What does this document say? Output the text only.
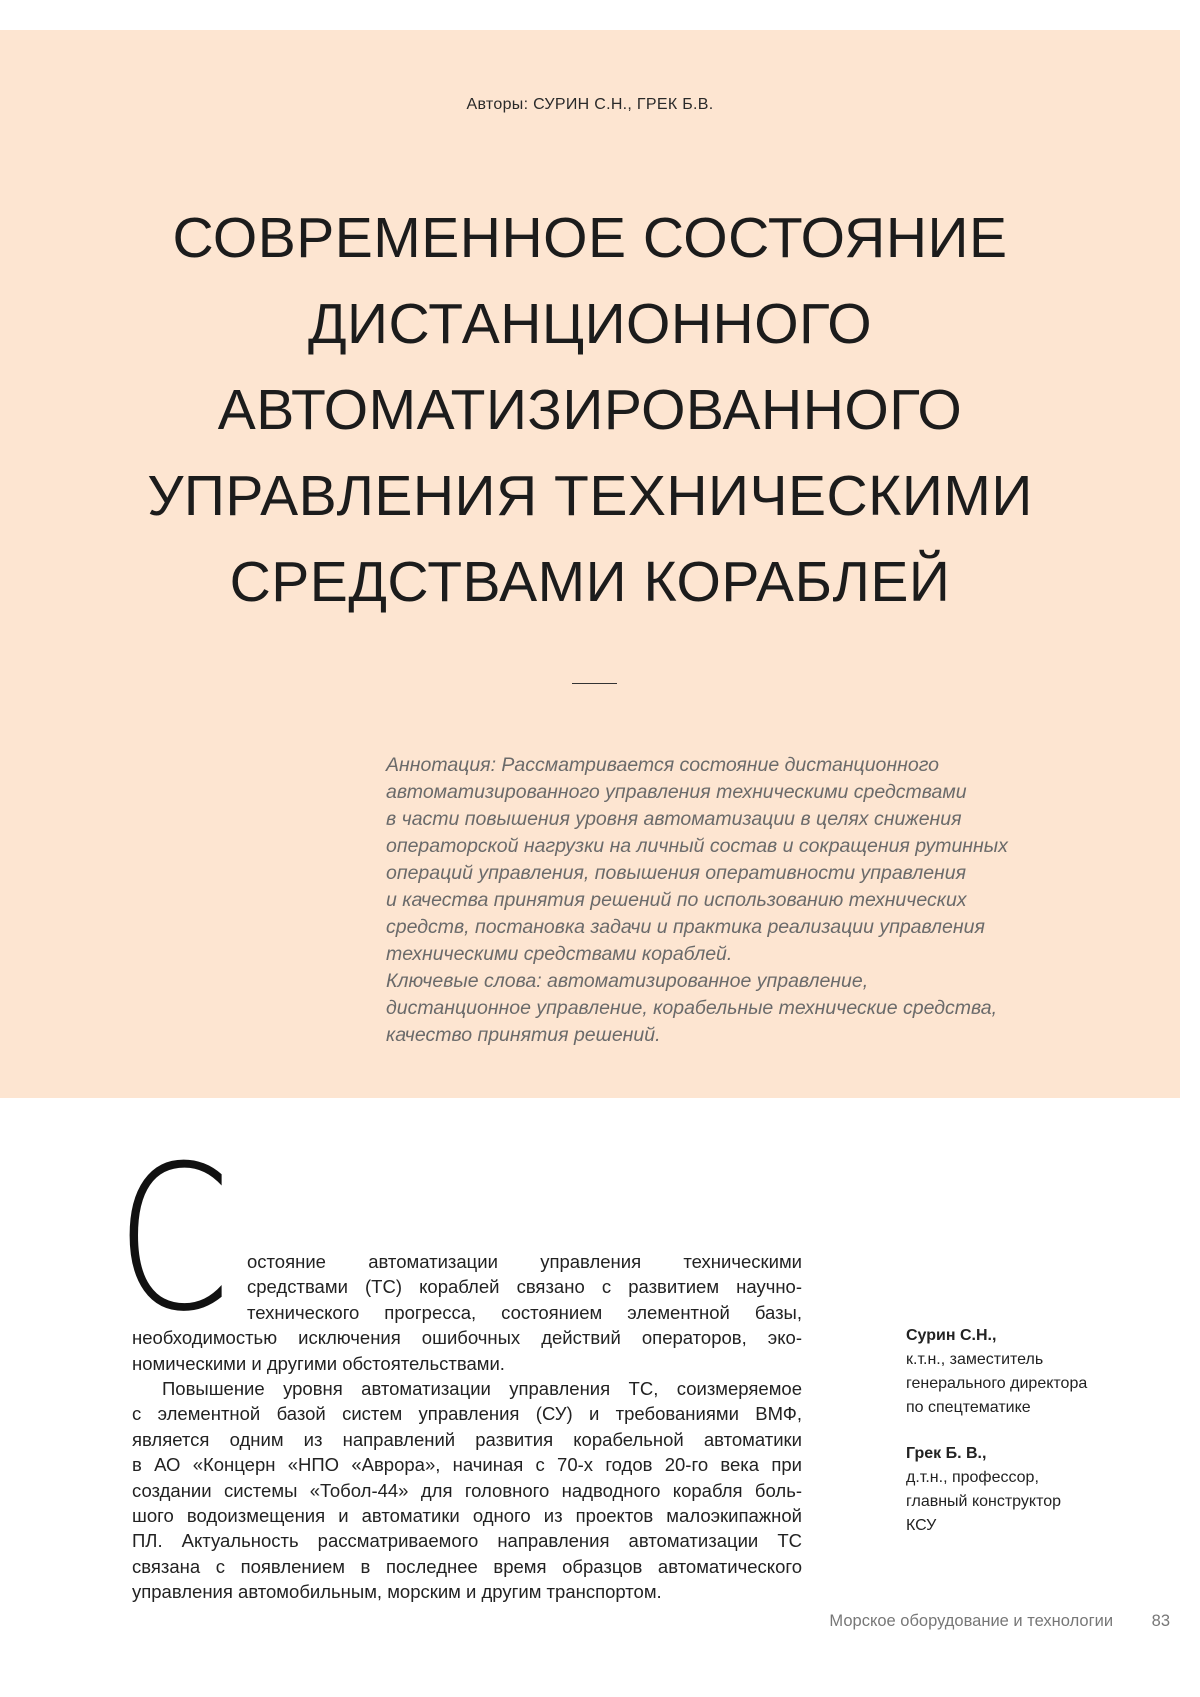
Авторы: СУРИН С.Н., ГРЕК Б.В.
СОВРЕМЕННОЕ СОСТОЯНИЕ
ДИСТАНЦИОННОГО
АВТОМАТИЗИРОВАННОГО
УПРАВЛЕНИЯ ТЕХНИЧЕСКИМИ
СРЕДСТВАМИ КОРАБЛЕЙ
Аннотация: Рассматривается состояние дистанционного
автоматизированного управления техническими средствами
в части повышения уровня автоматизации в целях снижения
операторской нагрузки на личный состав и сокращения рутинных
операций управления, повышения оперативности управления
и качества принятия решений по использованию технических
средств, постановка задачи и практика реализации управления
техническими средствами кораблей.
Ключевые слова: автоматизированное управление,
дистанционное управление, корабельные технические средства,
качество принятия решений.
С остояние автоматизации управления техническими
средствами (ТС) кораблей связано с развитием научно-
технического прогресса, состоянием элементной базы,
необходимостью исключения ошибочных действий операторов, эко-
номическими и другими обстоятельствами.
Повышение уровня автоматизации управления ТС, соизмеряемое
с элементной базой систем управления (СУ) и требованиями ВМФ,
является одним из направлений развития корабельной автоматики
в АО «Концерн «НПО «Аврора», начиная с 70-х годов 20-го века при
создании системы «Тобол-44» для головного надводного корабля боль-
шого водоизмещения и автоматики одного из проектов малоэкипажной
ПЛ. Актуальность рассматриваемого направления автоматизации ТС
связана с появлением в последнее время образцов автоматического
управления автомобильным, морским и другим транспортом.
Сурин С.Н.,
к.т.н., заместитель
генерального директора
по спецтематике
Грек Б. В.,
д.т.н., профессор,
главный конструктор
КСУ
Морское оборудование и технологии 83
